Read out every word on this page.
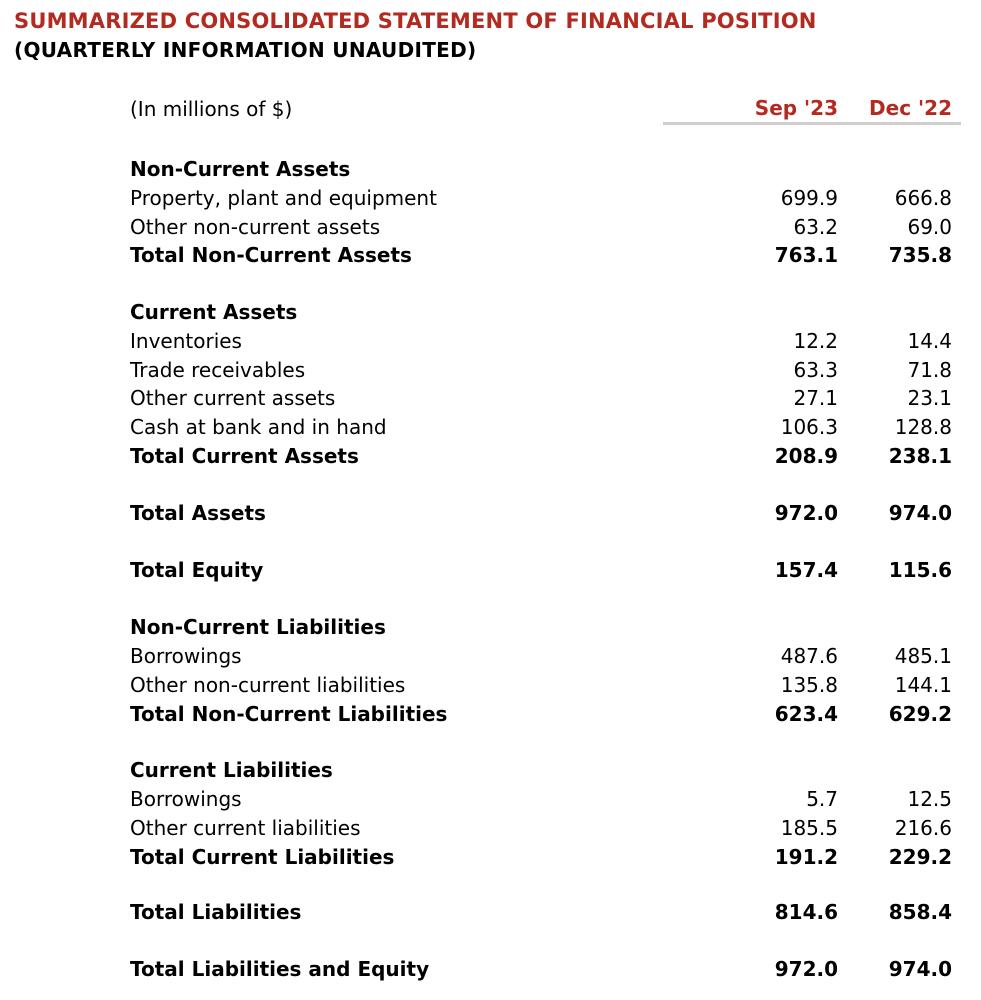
SUMMARIZED CONSOLIDATED STATEMENT OF FINANCIAL POSITION
(QUARTERLY INFORMATION UNAUDITED)
(In millions of $)	Sep '23 Dec '22
Non-Current Assets
Property, plant and equipment	699.9	666.8
Other non-current assets	63.2	69.0
Total Non-Current Assets	763.1	735.8
Current Assets
Inventories	12.2	14.4
Trade receivables	63.3	71.8
Other current assets	27.1	23.1
Cash at bank and in hand	106.3	128.8
Total Current Assets	208.9	238.1
Total Assets	972.0	974.0
Total Equity	157.4	115.6
Non-Current Liabilities
Borrowings	487.6	485.1
Other non-current liabilities	135.8	144.1
Total Non-Current Liabilities	623.4	629.2
Current Liabilities
Borrowings	5.7	12.5
Other current liabilities	185.5	216.6
Total Current Liabilities	191.2	229.2
Total Liabilities	814.6	858.4
Total Liabilities and Equity	972.0	974.0
